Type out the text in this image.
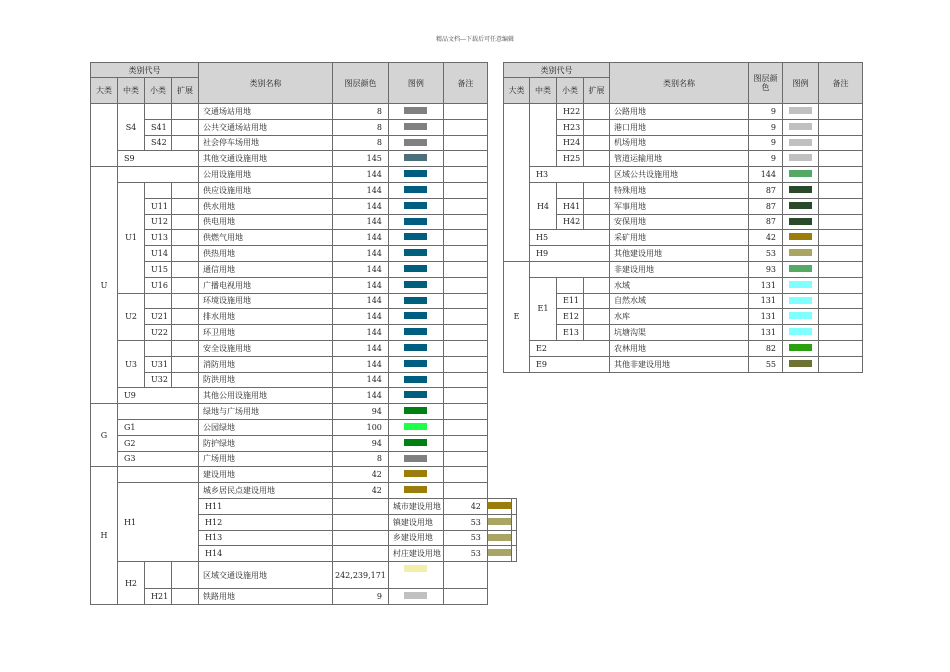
精品文档---下载后可任意编辑
类别代号				类别名称	图层颜色	图例	备注		
大类	中类	小类	扩展						
	S4			交通场站用地	8				
		S41		公共交通场站用地	8				
		S42		社会停车场用地	8				
	S9			其他交通设施用地	145				
U				公用设施用地	144				
	U1			供应设施用地	144				
		U11		供水用地	144				
		U12		供电用地	144				
		U13		供燃气用地	144				
		U14		供热用地	144				
		U15		通信用地	144				
		U16		广播电视用地	144				
	U2			环境设施用地	144				
		U21		排水用地	144				
		U22		环卫用地	144				
	U3			安全设施用地	144				
		U31		消防用地	144				
		U32		防洪用地	144				
	U9			其他公用设施用地	144				
G				绿地与广场用地	94				
	G1			公园绿地	100				
	G2			防护绿地	94				
	G3			广场用地	8				
H				建设用地	42				
	H1			城乡居民点建设用地	42				
				H11		城市建设用地	42		
				H12		镇建设用地	53		
				H13		乡建设用地	53		
				H14		村庄建设用地	53		
	H2			区域交通设施用地	242,239,171				
		H21		铁路用地	9				
类别代号				类别名称	图层颜色	图例	备注
大类	中类	小类	扩展				
		H22		公路用地	9		
		H23		港口用地	9		
		H24		机场用地	9		
		H25		管道运输用地	9		
	H3			区域公共设施用地	144		
	H4			特殊用地	87		
		H41		军事用地	87		
		H42		安保用地	87		
	H5			采矿用地	42		
	H9			其他建设用地	53		
E				非建设用地	93		
	E1			水域	131		
		E11		自然水域	131		
		E12		水库	131		
		E13		坑塘沟渠	131		
	E2			农林用地	82		
	E9			其他非建设用地	55		
